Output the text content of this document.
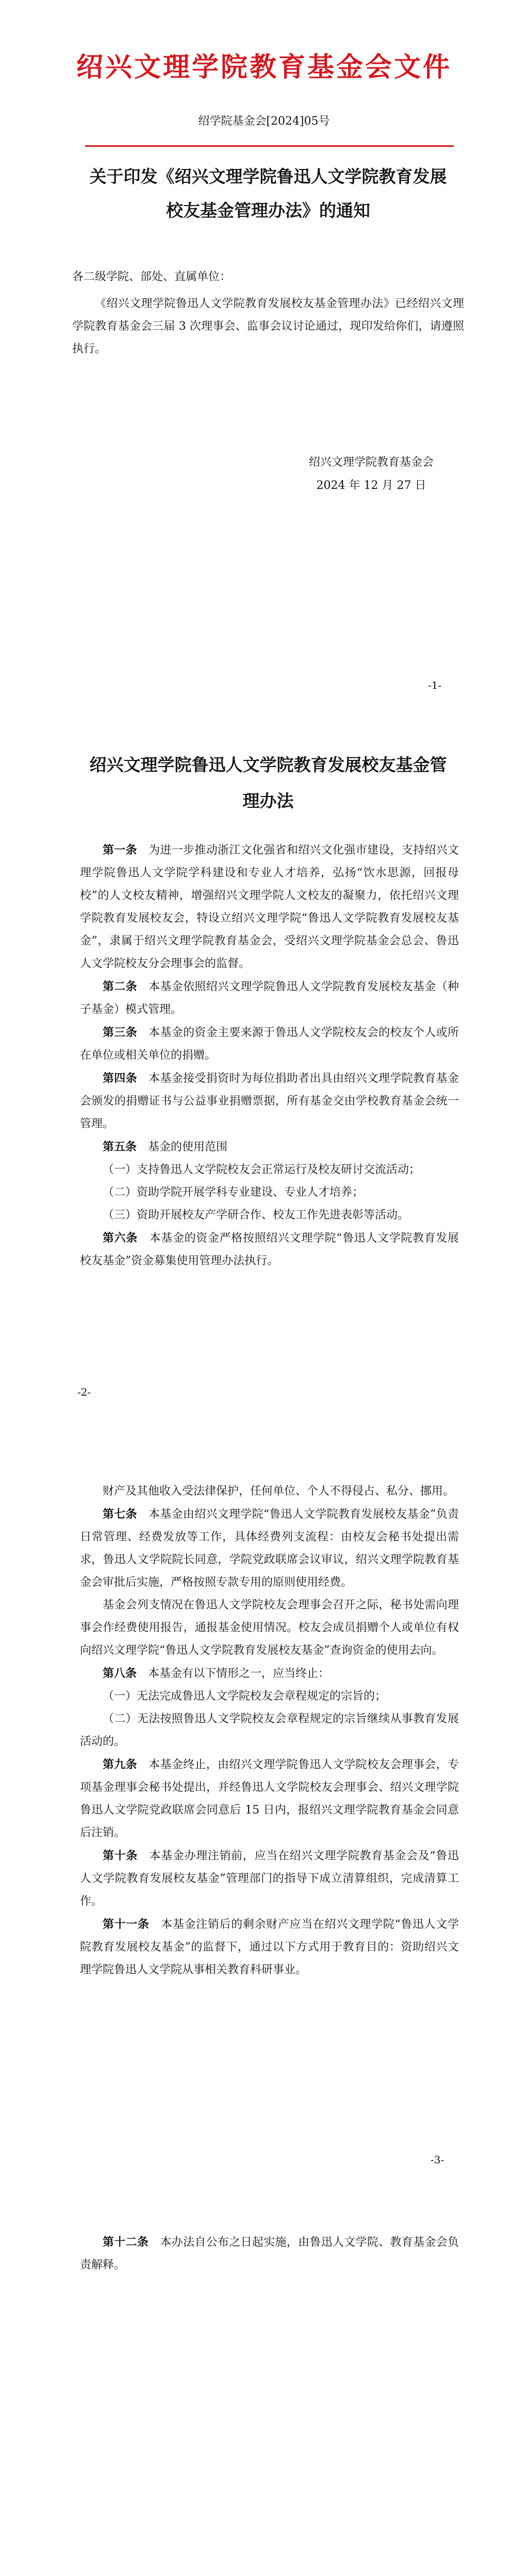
绍兴文理学院教育基金会文件
绍学院基金会[2024]05号
关于印发《绍兴文理学院鲁迅人文学院教育发展校友基金管理办法》的通知
各二级学院、部处、直属单位：
《绍兴文理学院鲁迅人文学院教育发展校友基金管理办法》已经绍兴文理学院教育基金会三届 3 次理事会、监事会议讨论通过，现印发给你们，请遵照执行。
绍兴文理学院教育基金会
2024 年 12 月 27 日
-1-
绍兴文理学院鲁迅人文学院教育发展校友基金管理办法

第一条  为进一步推动浙江文化强省和绍兴文化强市建设，支持绍兴文理学院鲁迅人文学院学科建设和专业人才培养，弘扬“饮水思源，回报母校”的人文校友精神，增强绍兴文理学院人文校友的凝聚力，依托绍兴文理学院教育发展校友会，特设立绍兴文理学院“鲁迅人文学院教育发展校友基金”，隶属于绍兴文理学院教育基金会，受绍兴文理学院基金会总会、鲁迅人文学院校友分会理事会的监督。

第二条  本基金依照绍兴文理学院鲁迅人文学院教育发展校友基金（种子基金）模式管理。

第三条  本基金的资金主要来源于鲁迅人文学院校友会的校友个人或所在单位或相关单位的捐赠。

第四条  本基金接受捐资时为每位捐助者出具由绍兴文理学院教育基金会颁发的捐赠证书与公益事业捐赠票据，所有基金交由学校教育基金会统一管理。

第五条  基金的使用范围

（一）支持鲁迅人文学院校友会正常运行及校友研讨交流活动；

（二）资助学院开展学科专业建设、专业人才培养；

（三）资助开展校友产学研合作、校友工作先进表彰等活动。

第六条  本基金的资金严格按照绍兴文理学院“鲁迅人文学院教育发展校友基金”资金募集使用管理办法执行。

-2-

财产及其他收入受法律保护，任何单位、个人不得侵占、私分、挪用。

第七条  本基金由绍兴文理学院“鲁迅人文学院教育发展校友基金”负责日常管理、经费发放等工作，具体经费列支流程：由校友会秘书处提出需求，鲁迅人文学院院长同意，学院党政联席会议审议，绍兴文理学院教育基金会审批后实施，严格按照专款专用的原则使用经费。

基金会列支情况在鲁迅人文学院校友会理事会召开之际，秘书处需向理事会作经费使用报告，通报基金使用情况。校友会成员捐赠个人或单位有权向绍兴文理学院“鲁迅人文学院教育发展校友基金”查询资金的使用去向。

第八条  本基金有以下情形之一，应当终止：

（一）无法完成鲁迅人文学院校友会章程规定的宗旨的；

（二）无法按照鲁迅人文学院校友会章程规定的宗旨继续从事教育发展活动的。

第九条  本基金终止，由绍兴文理学院鲁迅人文学院校友会理事会，专项基金理事会秘书处提出，并经鲁迅人文学院校友会理事会、绍兴文理学院鲁迅人文学院党政联席会同意后 15 日内，报绍兴文理学院教育基金会同意后注销。

第十条  本基金办理注销前，应当在绍兴文理学院教育基金会及“鲁迅人文学院教育发展校友基金”管理部门的指导下成立清算组织，完成清算工作。

第十一条  本基金注销后的剩余财产应当在绍兴文理学院“鲁迅人文学院教育发展校友基金”的监督下，通过以下方式用于教育目的：资助绍兴文理学院鲁迅人文学院从事相关教育科研事业。

-3-

第十二条  本办法自公布之日起实施，由鲁迅人文学院、教育基金会负责解释。
